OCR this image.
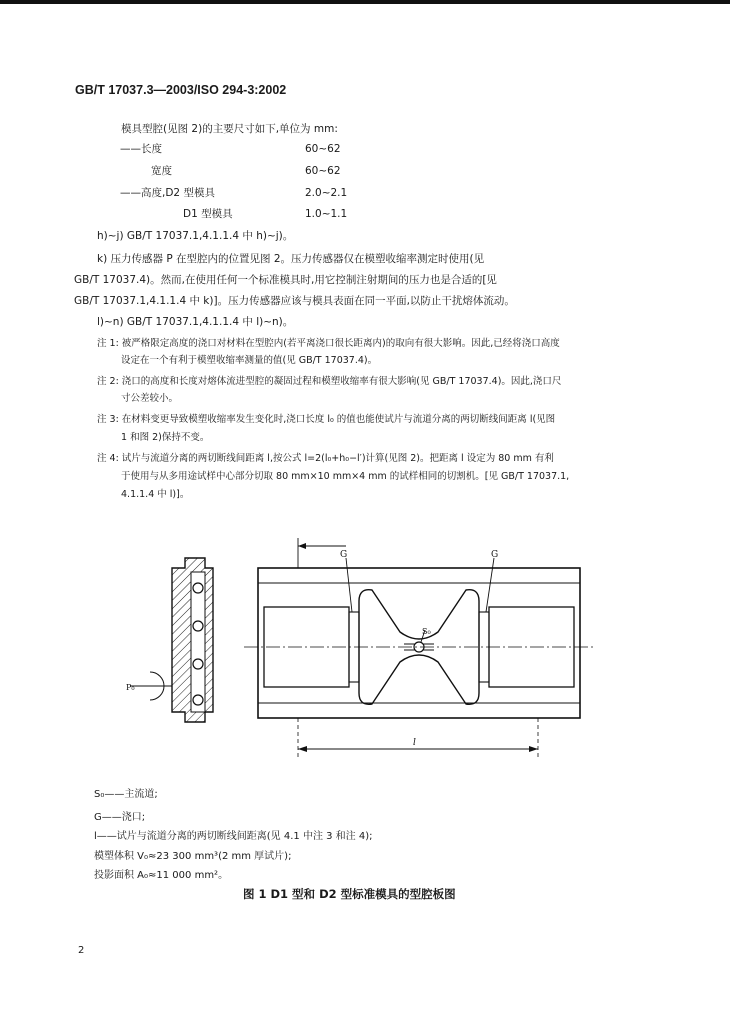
GB/T 17037.3—2003/ISO 294-3:2002
模具型腔(见图 2)的主要尺寸如下,单位为 mm:
——长度	60~62
宽度	60~62
——高度,D2 型模具	2.0~2.1
D1 型模具	1.0~1.1
h)~j) GB/T 17037.1,4.1.1.4 中 h)~j)。
k) 压力传感器 P 在型腔内的位置见图 2。压力传感器仅在模塑收缩率测定时使用(见
GB/T 17037.4)。然而,在使用任何一个标准模具时,用它控制注射期间的压力也是合适的[见
GB/T 17037.1,4.1.1.4 中 k)]。压力传感器应该与模具表面在同一平面,以防止干扰熔体流动。
l)~n) GB/T 17037.1,4.1.1.4 中 l)~n)。
注 1: 被严格限定高度的浇口对材料在型腔内(若平离浇口很长距离内)的取向有很大影响。因此,已经将浇口高度
设定在一个有利于模塑收缩率测量的值(见 GB/T 17037.4)。
注 2: 浇口的高度和长度对熔体流进型腔的凝固过程和模塑收缩率有很大影响(见 GB/T 17037.4)。因此,浇口尺
寸公差较小。
注 3: 在材料变更导致模塑收缩率发生变化时,浇口长度 l₀ 的值也能使试片与流道分离的两切断线间距离 l(见图
1 和图 2)保持不变。
注 4: 试片与流道分离的两切断线间距离 l,按公式 l=2(l₀+h₀−l′)计算(见图 2)。把距离 l 设定为 80 mm 有利
于使用与从多用途试样中心部分切取 80 mm×10 mm×4 mm 的试样相同的切割机。[见 GB/T 17037.1,
4.1.1.4 中 l)]。
G	G
S₀
l
P₀
S₀——主流道;
G——浇口;
l——试片与流道分离的两切断线间距离(见 4.1 中注 3 和注 4);
模塑体积 V₀≈23 300 mm³(2 mm 厚试片);
投影面积 A₀≈11 000 mm²。
图 1 D1 型和 D2 型标准模具的型腔板图
2
